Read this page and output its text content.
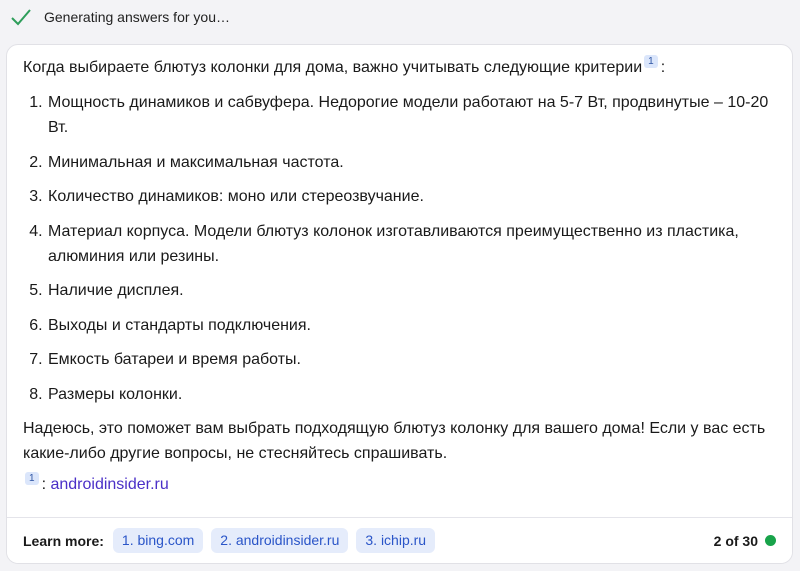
Generating answers for you…

Когда выбираете блютуз колонки для дома, важно учитывать следующие критерии 1 :

1. Мощность динамиков и сабвуфера. Недорогие модели работают на 5-7 Вт, продвинутые – 10-20 Вт.
2. Минимальная и максимальная частота.
3. Количество динамиков: моно или стереозвучание.
4. Материал корпуса. Модели блютуз колонок изготавливаются преимущественно из пластика, алюминия или резины.
5. Наличие дисплея.
6. Выходы и стандарты подключения.
7. Емкость батареи и время работы.
8. Размеры колонки.

Надеюсь, это поможет вам выбрать подходящую блютуз колонку для вашего дома! Если у вас есть какие-либо другие вопросы, не стесняйтесь спрашивать.

1 : androidinsider.ru

Learn more:	1. bing.com	2. androidinsider.ru	3. ichip.ru	2 of 30
